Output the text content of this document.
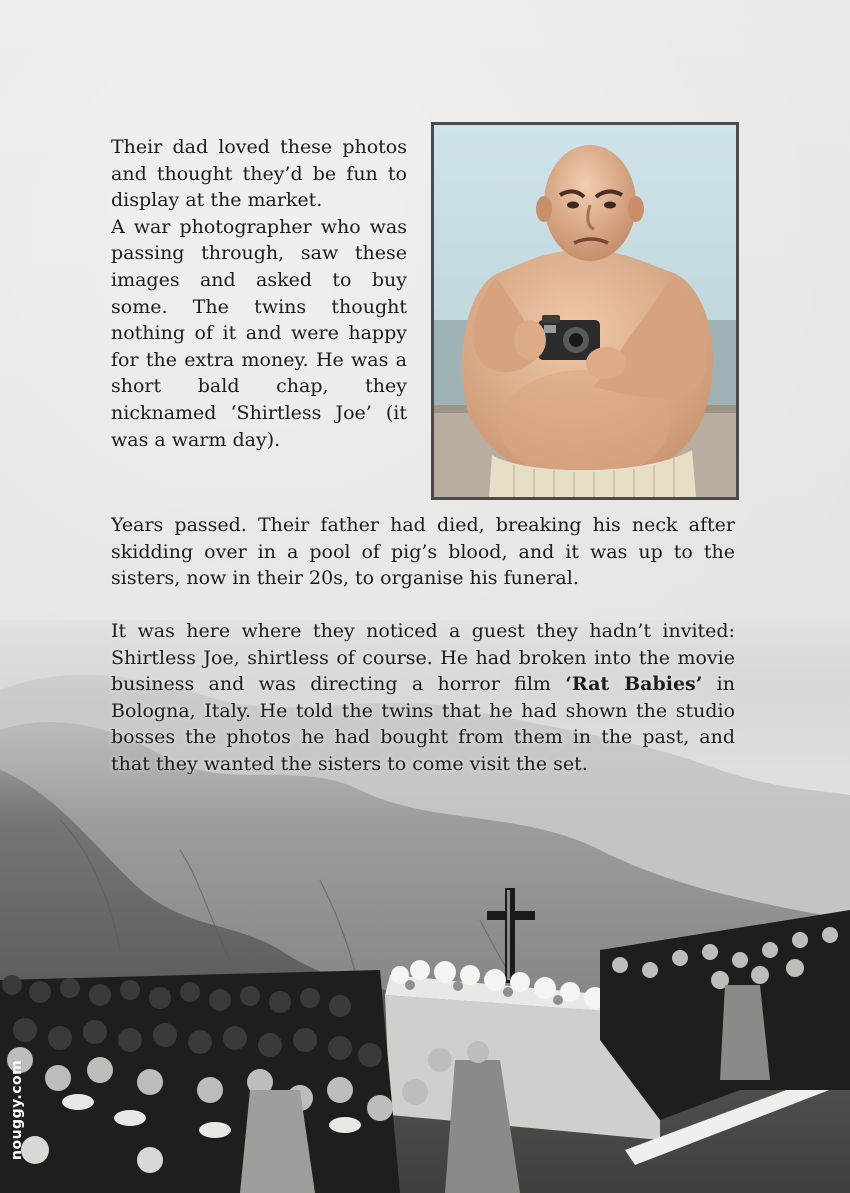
Their dad loved these photos and thought they’d be fun to display at the market.
A war photographer who was passing through, saw these images and asked to buy some. The twins thought nothing of it and were happy for the extra money. He was a short bald chap, they nicknamed ‘Shirtless Joe’ (it was a warm day).

Years passed. Their father had died, breaking his neck after skidding over in a pool of pig’s blood, and it was up to the sisters, now in their 20s, to organise his funeral.

It was here where they noticed a guest they hadn’t invited: Shirtless Joe, shirtless of course. He had broken into the movie business and was directing a horror film ‘Rat Babies’ in Bologna, Italy. He told the twins that he had shown the studio bosses the photos he had bought from them in the past, and that they wanted the sisters to come visit the set.

nouggy.com
